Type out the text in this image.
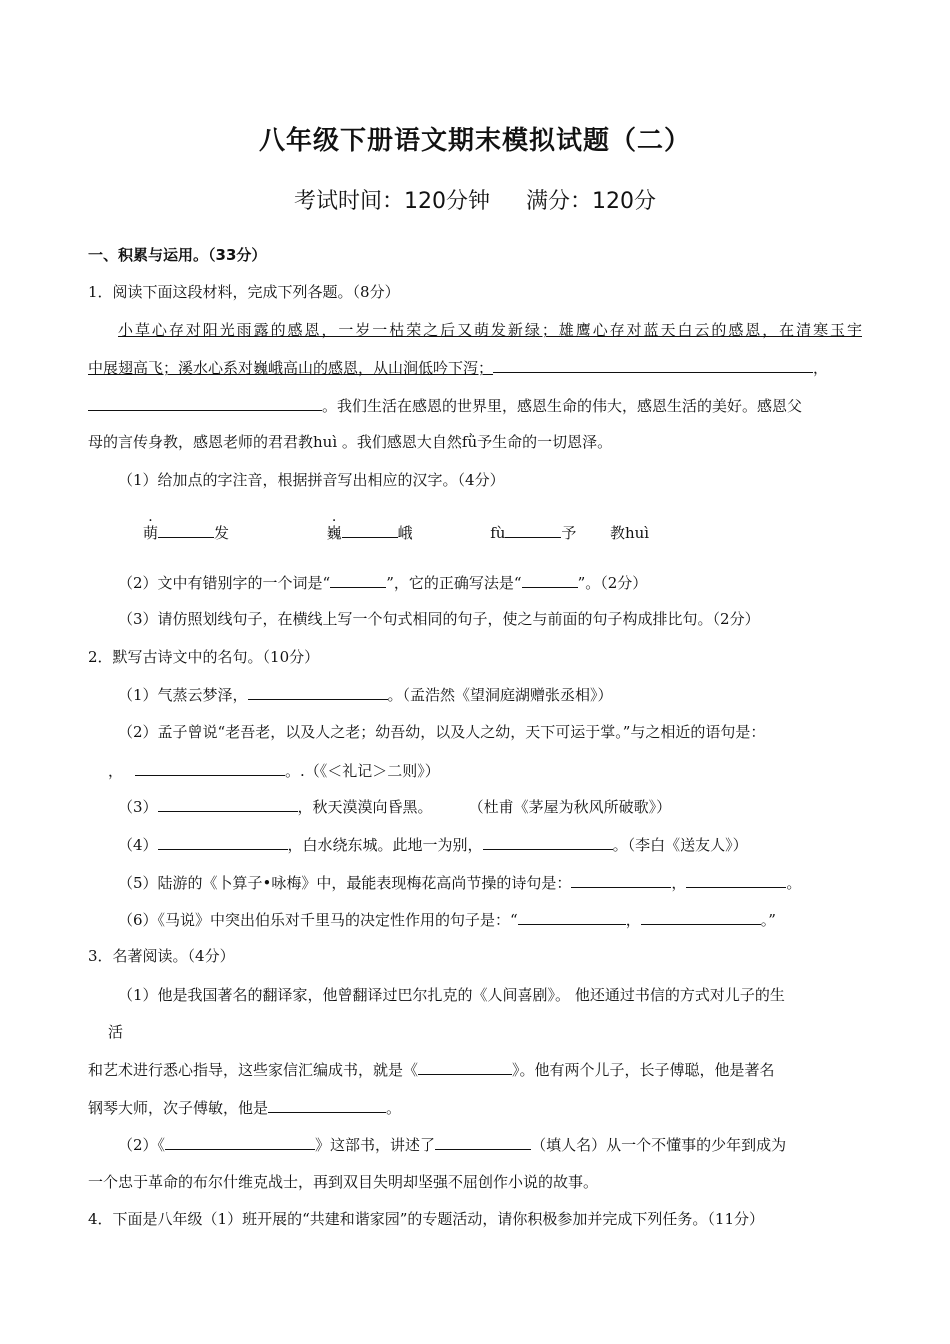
八年级下册语文期末模拟试题（二）
考试时间：120分钟 满分：120分
一、积累与运用。（33分）
1．阅读下面这段材料，完成下列各题。（8分）
小草心存对阳光雨露的感恩，一岁一枯荣之后又萌发新绿；雄鹰心存对蓝天白云的感恩，在清寒玉宇
中展翅高飞；溪水心系对巍峨高山的感恩，从山涧低吟下泻；	，
。我们生活在感恩的世界里，感恩生命的伟大，感恩生活的美好。感恩父
母的言传身教，感恩老师的君君教huì 。我们感恩大自然fǜ予生命的一切恩泽。
（1）给加点的字注音，根据拼音写出相应的汉字。（4分）
萌	发	巍	峨	fù	予 教huì
（2）文中有错别字的一个词是“	”，它的正确写法是“	”。（2分）
（3）请仿照划线句子，在横线上写一个句式相同的句子，使之与前面的句子构成排比句。（2分）
2．默写古诗文中的名句。（10分）
（1）气蒸云梦泽，	。（孟浩然《望洞庭湖赠张丞相》）
（2）孟子曾说“老吾老，以及人之老；幼吾幼，以及人之幼，天下可运于掌。”与之相近的语句是：
，	。.（《＜礼记＞二则》）
（3）	，秋天漠漠向昏黑。 （杜甫《茅屋为秋风所破歌》）
（4）	，白水绕东城。此地一为别，	。（李白《送友人》）
（5）陆游的《卜算子•咏梅》中，最能表现梅花高尚节操的诗句是：	，	。
（6）《马说》中突出伯乐对千里马的决定性作用的句子是：“	，	。”
3．名著阅读。（4分）
（1）他是我国著名的翻译家，他曾翻译过巴尔扎克的《人间喜剧》。 他还通过书信的方式对儿子的生
活
和艺术进行悉心指导，这些家信汇编成书，就是《	》。他有两个儿子，长子傅聪，他是著名
钢琴大师，次子傅敏，他是	。
（2）《	》这部书，讲述了	（填人名）从一个不懂事的少年到成为
一个忠于革命的布尔什维克战士，再到双目失明却坚强不屈创作小说的故事。
4．下面是八年级（1）班开展的“共建和谐家园”的专题活动，请你积极参加并完成下列任务。（11分）
